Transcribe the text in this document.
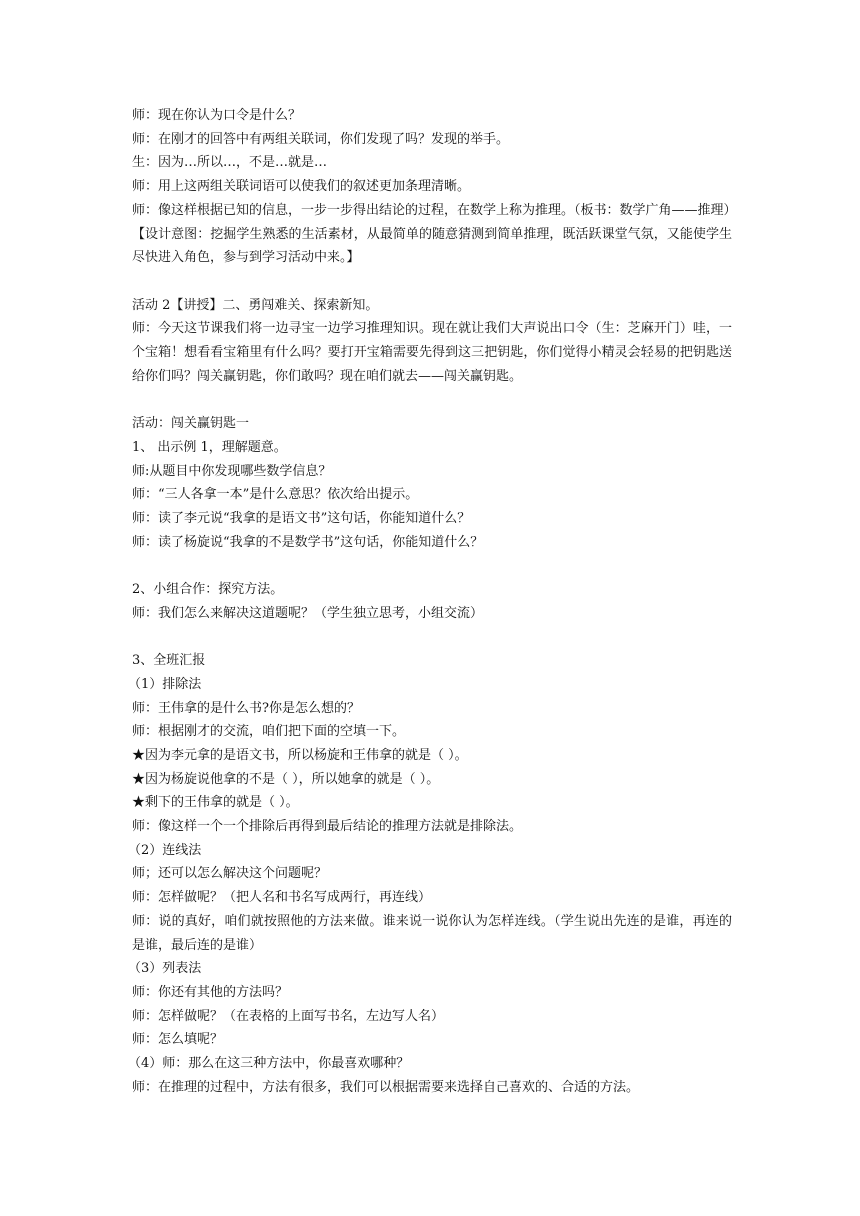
师：现在你认为口令是什么？
师：在刚才的回答中有两组关联词，你们发现了吗？发现的举手。
生：因为…所以…，不是…就是…
师：用上这两组关联词语可以使我们的叙述更加条理清晰。
师：像这样根据已知的信息，一步一步得出结论的过程，在数学上称为推理。（板书：数学广角——推理）
【设计意图：挖掘学生熟悉的生活素材，从最简单的随意猜测到简单推理，既活跃课堂气氛，又能使学生尽快进入角色，参与到学习活动中来。】
活动 2【讲授】二、勇闯难关、探索新知。
师：今天这节课我们将一边寻宝一边学习推理知识。现在就让我们大声说出口令（生：芝麻开门）哇，一个宝箱！想看看宝箱里有什么吗？要打开宝箱需要先得到这三把钥匙，你们觉得小精灵会轻易的把钥匙送给你们吗？闯关赢钥匙，你们敢吗？现在咱们就去——闯关赢钥匙。
活动：闯关赢钥匙一
1、 出示例 1，理解题意。
师:从题目中你发现哪些数学信息？
师：“三人各拿一本”是什么意思？依次给出提示。
师：读了李元说“我拿的是语文书”这句话，你能知道什么？
师：读了杨旋说“我拿的不是数学书”这句话，你能知道什么？
2、小组合作：探究方法。
师：我们怎么来解决这道题呢？（学生独立思考，小组交流）
3、全班汇报
（1）排除法
师：王伟拿的是什么书?你是怎么想的？
师：根据刚才的交流，咱们把下面的空填一下。
★因为李元拿的是语文书，所以杨旋和王伟拿的就是（ ）。
★因为杨旋说他拿的不是（ ），所以她拿的就是（ ）。
★剩下的王伟拿的就是（ ）。
师：像这样一个一个排除后再得到最后结论的推理方法就是排除法。
（2）连线法
师；还可以怎么解决这个问题呢？
师：怎样做呢？（把人名和书名写成两行，再连线）
师：说的真好，咱们就按照他的方法来做。谁来说一说你认为怎样连线。（学生说出先连的是谁，再连的是谁，最后连的是谁）
（3）列表法
师：你还有其他的方法吗？
师：怎样做呢？（在表格的上面写书名，左边写人名）
师：怎么填呢？
（4）师：那么在这三种方法中，你最喜欢哪种？
师：在推理的过程中，方法有很多，我们可以根据需要来选择自己喜欢的、合适的方法。
